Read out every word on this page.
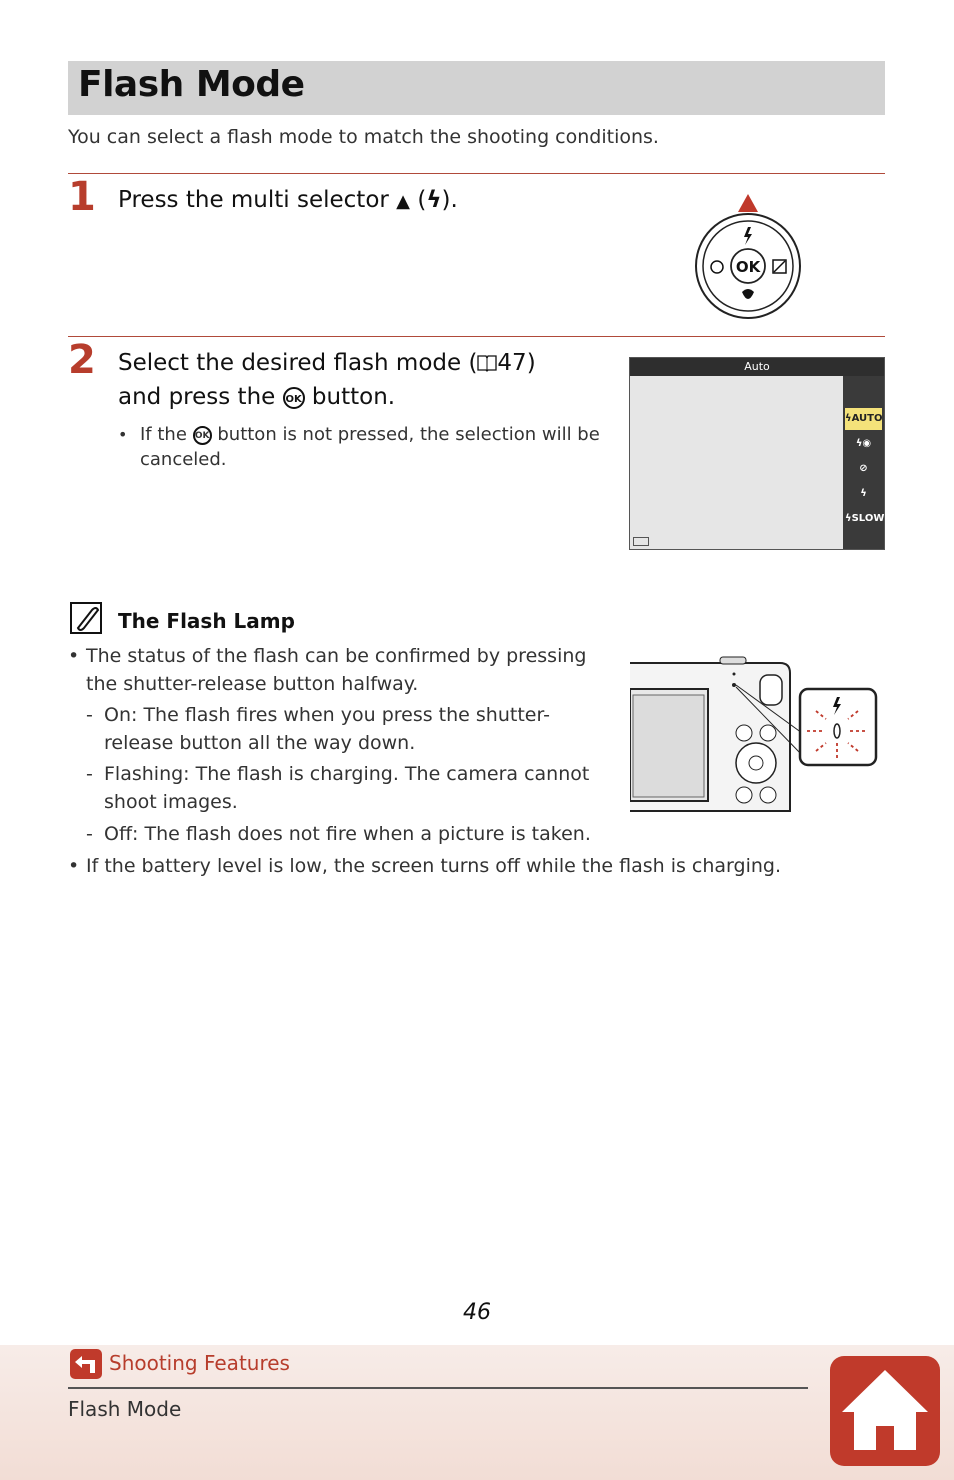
Flash Mode
You can select a flash mode to match the shooting conditions.
1 Press the multi selector ▲ (ϟ).
OK
2 Select the desired flash mode ( 47)
and press the OK button.
• If the OK button is not pressed, the selection will be canceled.
Auto
ϟAUTO
ϟ◉
⊘
ϟ
ϟSLOW
The Flash Lamp
• The status of the flash can be confirmed by pressing the shutter-release button halfway.
- On: The flash fires when you press the shutter-release button all the way down.
- Flashing: The flash is charging. The camera cannot shoot images.
- Off: The flash does not fire when a picture is taken.
• If the battery level is low, the screen turns off while the flash is charging.
46
Shooting Features
Flash Mode
